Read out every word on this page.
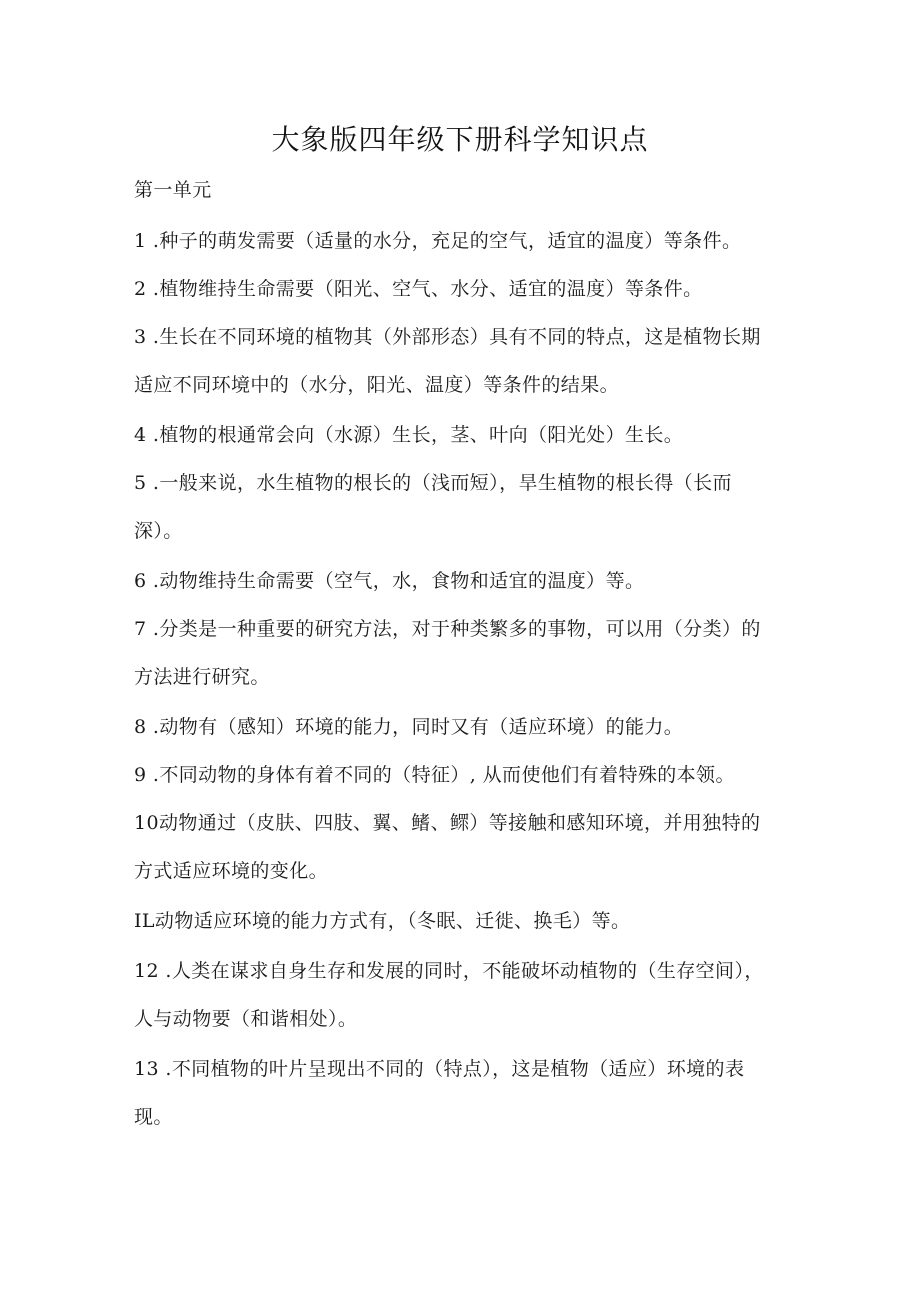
大象版四年级下册科学知识点
第一单元
1 .种子的萌发需要（适量的水分，充足的空气，适宜的温度）等条件。
2 .植物维持生命需要（阳光、空气、水分、适宜的温度）等条件。
3 .生长在不同环境的植物其（外部形态）具有不同的特点，这是植物长期
适应不同环境中的（水分，阳光、温度）等条件的结果。
4 .植物的根通常会向（水源）生长，茎、叶向（阳光处）生长。
5 .一般来说，水生植物的根长的（浅而短），旱生植物的根长得（长而
深）。
6 .动物维持生命需要（空气，水，食物和适宜的温度）等。
7 .分类是一种重要的研究方法，对于种类繁多的事物，可以用（分类）的
方法进行研究。
8 .动物有（感知）环境的能力，同时又有（适应环境）的能力。
9 .不同动物的身体有着不同的（特征）, 从而使他们有着特殊的本领。
10动物通过（皮肤、四肢、翼、鳍、鳏）等接触和感知环境，并用独特的
方式适应环境的变化。
IL动物适应环境的能力方式有，（冬眠、迁徙、换毛）等。
12 .人类在谋求自身生存和发展的同时，不能破坏动植物的（生存空间），
人与动物要（和谐相处）。
13 .不同植物的叶片呈现出不同的（特点），这是植物（适应）环境的表
现。
